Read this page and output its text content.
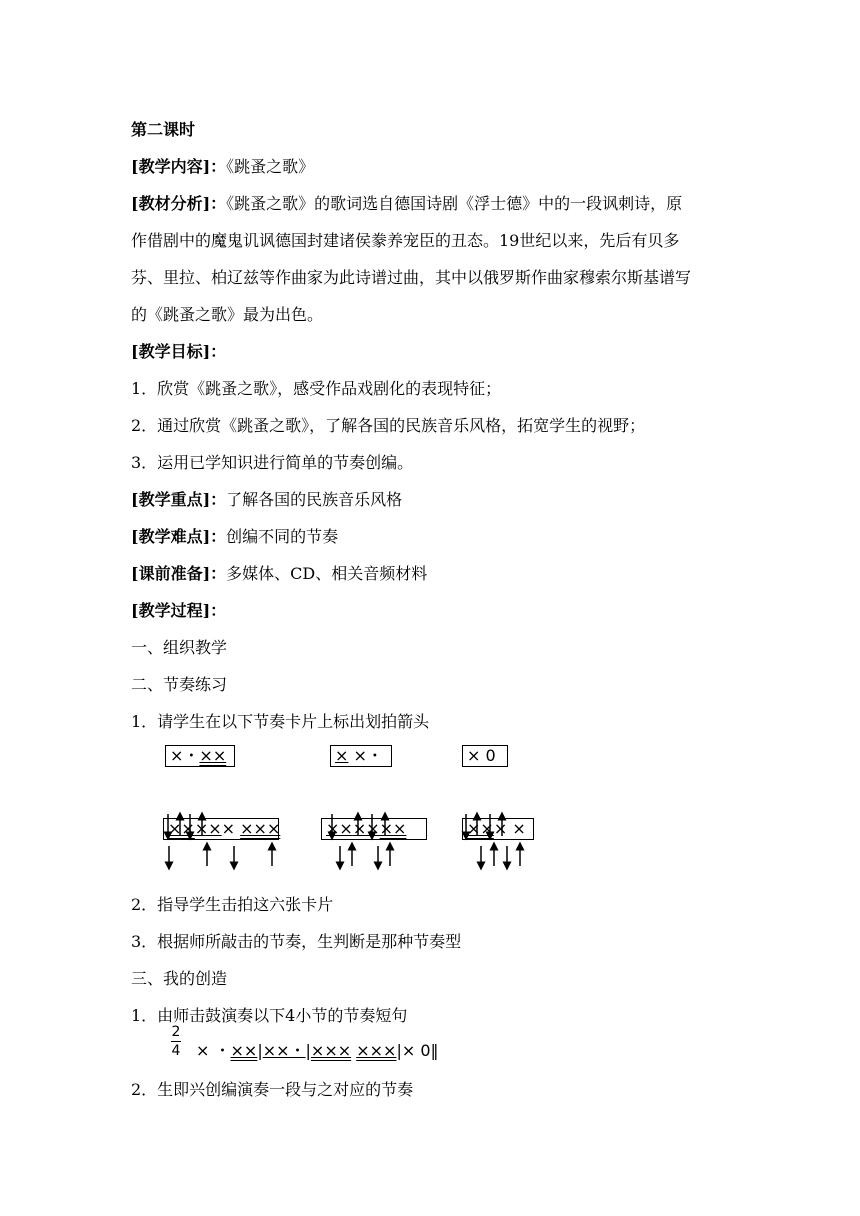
第二课时
[教学内容]：《跳蚤之歌》
[教材分析]：《跳蚤之歌》的歌词选自德国诗剧《浮士德》中的一段讽刺诗，原
作借剧中的魔鬼讥讽德国封建诸侯豢养宠臣的丑态。19世纪以来，先后有贝多
芬、里拉、柏辽兹等作曲家为此诗谱过曲，其中以俄罗斯作曲家穆索尔斯基谱写
的《跳蚤之歌》最为出色。
[教学目标]：
1．欣赏《跳蚤之歌》，感受作品戏剧化的表现特征；
2．通过欣赏《跳蚤之歌》，了解各国的民族音乐风格，拓宽学生的视野；
3．运用已学知识进行简单的节奏创编。
[教学重点]：了解各国的民族音乐风格
[教学难点]：创编不同的节奏
[课前准备]：多媒体、CD、相关音频材料
[教学过程]：
一、组织教学
二、节奏练习
1．请学生在以下节奏卡片上标出划拍箭头
×・××	× ×・	× 0
××××× ×××	××××××	××× ×
2．指导学生击拍这六张卡片
3．根据师所敲击的节奏，生判断是那种节奏型
三、我的创造
1．由师击鼓演奏以下4小节的节奏短句
2
4 × ・××|××・|××× ×××|× 0‖
2．生即兴创编演奏一段与之对应的节奏
